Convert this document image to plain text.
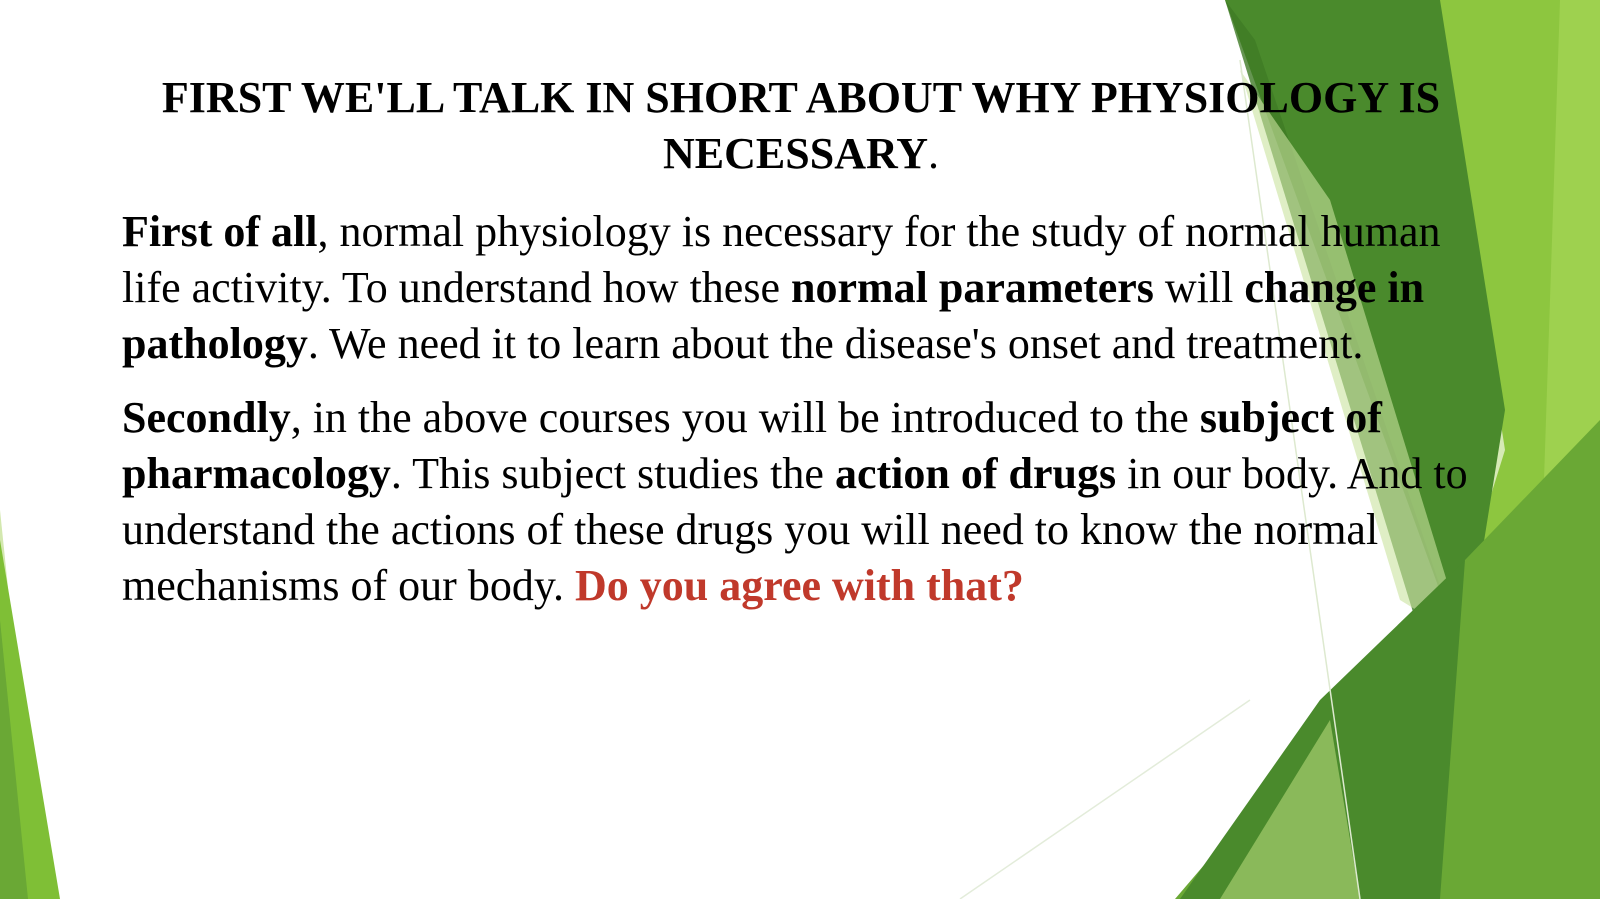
FIRST WE'LL TALK IN SHORT ABOUT WHY PHYSIOLOGY IS NECESSARY.

First of all, normal physiology is necessary for the study of normal human life activity. To understand how these normal parameters will change in pathology. We need it to learn about the disease's onset and treatment.

Secondly, in the above courses you will be introduced to the subject of pharmacology. This subject studies the action of drugs in our body. And to understand the actions of these drugs you will need to know the normal mechanisms of our body. Do you agree with that?
